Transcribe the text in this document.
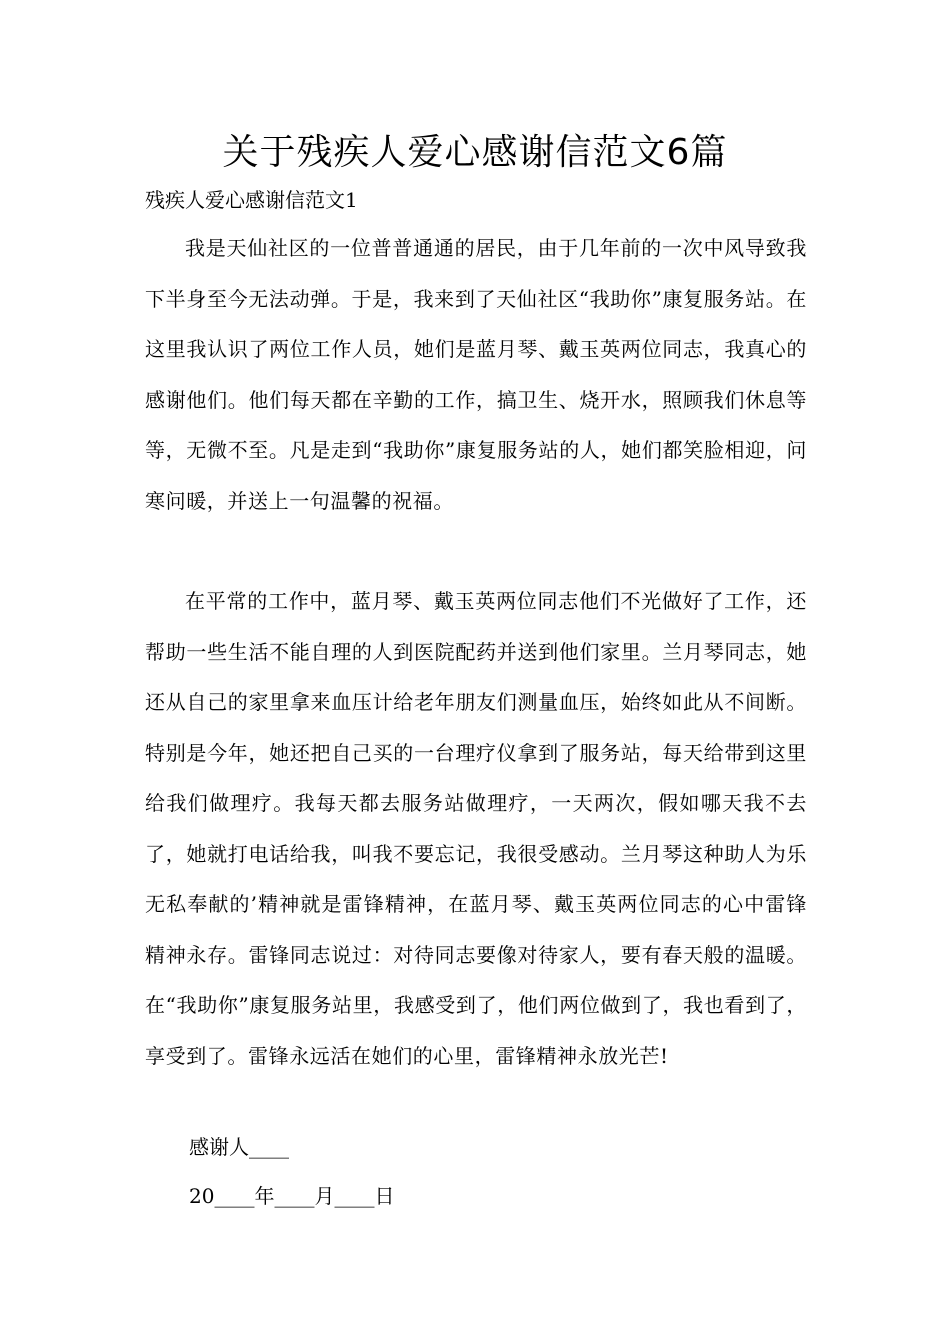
关于残疾人爱心感谢信范文6篇

残疾人爱心感谢信范文1

我是天仙社区的一位普普通通的居民，由于几年前的一次中风导致我下半身至今无法动弹。于是，我来到了天仙社区“我助你”康复服务站。在这里我认识了两位工作人员，她们是蓝月琴、戴玉英两位同志，我真心的感谢他们。他们每天都在辛勤的工作，搞卫生、烧开水，照顾我们休息等等，无微不至。凡是走到“我助你”康复服务站的人，她们都笑脸相迎，问寒问暖，并送上一句温馨的祝福。

在平常的工作中，蓝月琴、戴玉英两位同志他们不光做好了工作，还帮助一些生活不能自理的人到医院配药并送到他们家里。兰月琴同志，她还从自己的家里拿来血压计给老年朋友们测量血压，始终如此从不间断。特别是今年，她还把自己买的一台理疗仪拿到了服务站，每天给带到这里给我们做理疗。我每天都去服务站做理疗，一天两次，假如哪天我不去了，她就打电话给我，叫我不要忘记，我很受感动。兰月琴这种助人为乐无私奉献的’精神就是雷锋精神，在蓝月琴、戴玉英两位同志的心中雷锋精神永存。雷锋同志说过：对待同志要像对待家人，要有春天般的温暖。在“我助你”康复服务站里，我感受到了，他们两位做到了，我也看到了，享受到了。雷锋永远活在她们的心里，雷锋精神永放光芒!

感谢人____

20____年____月____日
